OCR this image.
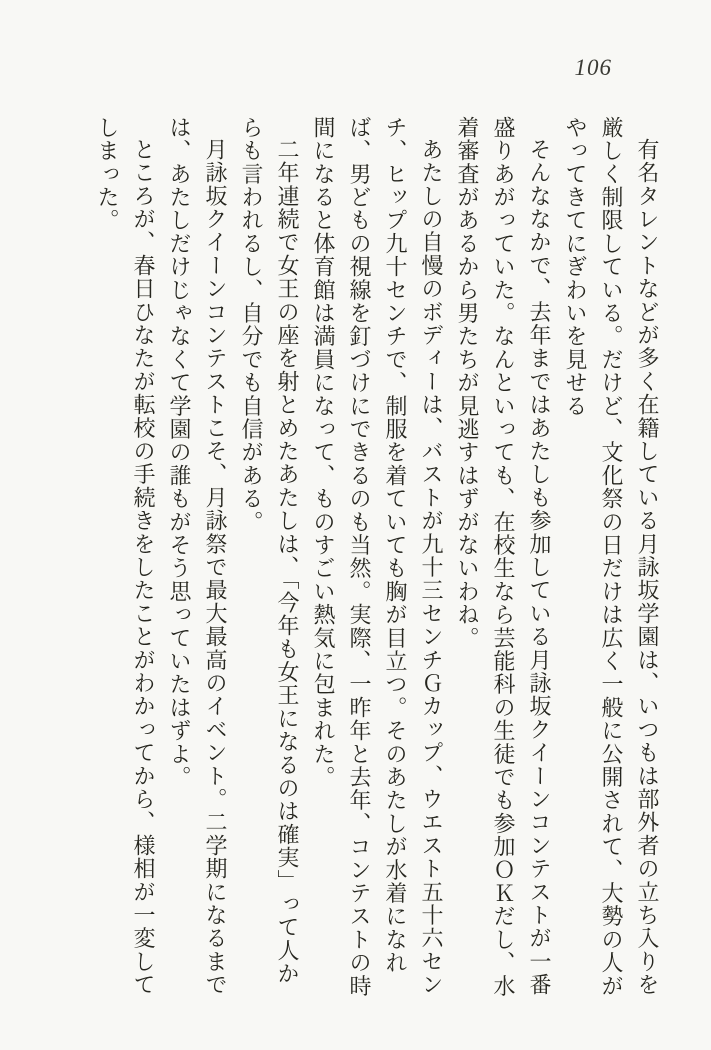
106

有名タレントなどが多く在籍している月詠坂学園は、いつもは部外者の立ち入りを厳しく制限している。だけど、文化祭の日だけは広く一般に公開されて、大勢の人がやってきてにぎわいを見せる

そんななかで、去年まではあたしも参加している月詠坂クイーンコンテストが一番盛りあがっていた。なんといっても、在校生なら芸能科の生徒でも参加ＯＫだし、水着審査があるから男たちが見逃すはずがないわね。

あたしの自慢のボディーは、バストが九十三センチＧカップ、ウエスト五十六センチ、ヒップ九十センチで、制服を着ていても胸が目立つ。そのあたしが水着になれば、男どもの視線を釘づけにできるのも当然。実際、一昨年と去年、コンテストの時間になると体育館は満員になって、ものすごい熱気に包まれた。

二年連続で女王の座を射とめたあたしは、「今年も女王になるのは確実」って人からも言われるし、自分でも自信がある。

月詠坂クイーンコンテストこそ、月詠祭で最大最高のイベント。二学期になるまでは、あたしだけじゃなくて学園の誰もがそう思っていたはずよ。

ところが、春日ひなたが転校の手続きをしたことがわかってから、様相が一変してしまった。
